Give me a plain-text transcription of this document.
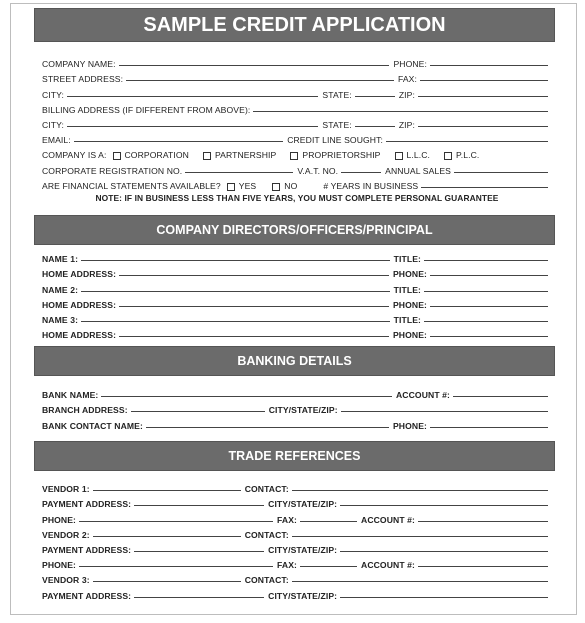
SAMPLE CREDIT APPLICATION
COMPANY NAME:	PHONE:
STREET ADDRESS:	FAX:
CITY:	STATE:	ZIP:
BILLING ADDRESS (IF DIFFERENT FROM ABOVE):
CITY:	STATE:	ZIP:
EMAIL:	CREDIT LINE SOUGHT:
COMPANY IS A: CORPORATION	PARTNERSHIP	PROPRIETORSHIP	L.L.C.	P.L.C.
CORPORATE REGISTRATION NO.	V.A.T. NO.	ANNUAL SALES
ARE FINANCIAL STATEMENTS AVAILABLE? YES	NO	# YEARS IN BUSINESS
NOTE: IF IN BUSINESS LESS THAN FIVE YEARS, YOU MUST COMPLETE PERSONAL GUARANTEE
COMPANY DIRECTORS/OFFICERS/PRINCIPAL
NAME 1:	TITLE:
HOME ADDRESS:	PHONE:
NAME 2:	TITLE:
HOME ADDRESS:	PHONE:
NAME 3:	TITLE:
HOME ADDRESS:	PHONE:
BANKING DETAILS
BANK NAME:	ACCOUNT #:
BRANCH ADDRESS:	CITY/STATE/ZIP:
BANK CONTACT NAME:	PHONE:
TRADE REFERENCES
VENDOR 1:	CONTACT:
PAYMENT ADDRESS:	CITY/STATE/ZIP:
PHONE:	FAX:	ACCOUNT #:
VENDOR 2:	CONTACT:
PAYMENT ADDRESS:	CITY/STATE/ZIP:
PHONE:	FAX:	ACCOUNT #:
VENDOR 3:	CONTACT:
PAYMENT ADDRESS:	CITY/STATE/ZIP:
